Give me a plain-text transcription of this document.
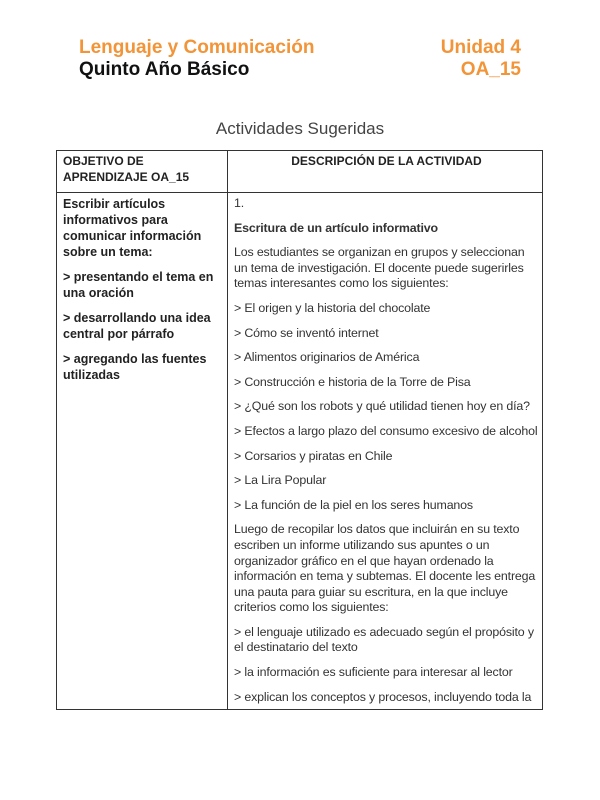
Lenguaje y Comunicación
Quinto Año Básico
Unidad 4
OA_15
Actividades Sugeridas
OBJETIVO DE
APRENDIZAJE OA_15
DESCRIPCIÓN DE LA ACTIVIDAD

Escribir artículos informativos para comunicar información sobre un tema:

> presentando el tema en una oración

> desarrollando una idea central por párrafo

> agregando las fuentes utilizadas

1.

Escritura de un artículo informativo

Los estudiantes se organizan en grupos y seleccionan un tema de investigación. El docente puede sugerirles temas interesantes como los siguientes:

> El origen y la historia del chocolate

> Cómo se inventó internet

> Alimentos originarios de América

> Construcción e historia de la Torre de Pisa

> ¿Qué son los robots y qué utilidad tienen hoy en día?

> Efectos a largo plazo del consumo excesivo de alcohol

> Corsarios y piratas en Chile

> La Lira Popular

> La función de la piel en los seres humanos

Luego de recopilar los datos que incluirán en su texto escriben un informe utilizando sus apuntes o un organizador gráfico en el que hayan ordenado la información en tema y subtemas. El docente les entrega una pauta para guiar su escritura, en la que incluye criterios como los siguientes:

> el lenguaje utilizado es adecuado según el propósito y el destinatario del texto

> la información es suficiente para interesar al lector

> explican los conceptos y procesos, incluyendo toda la
